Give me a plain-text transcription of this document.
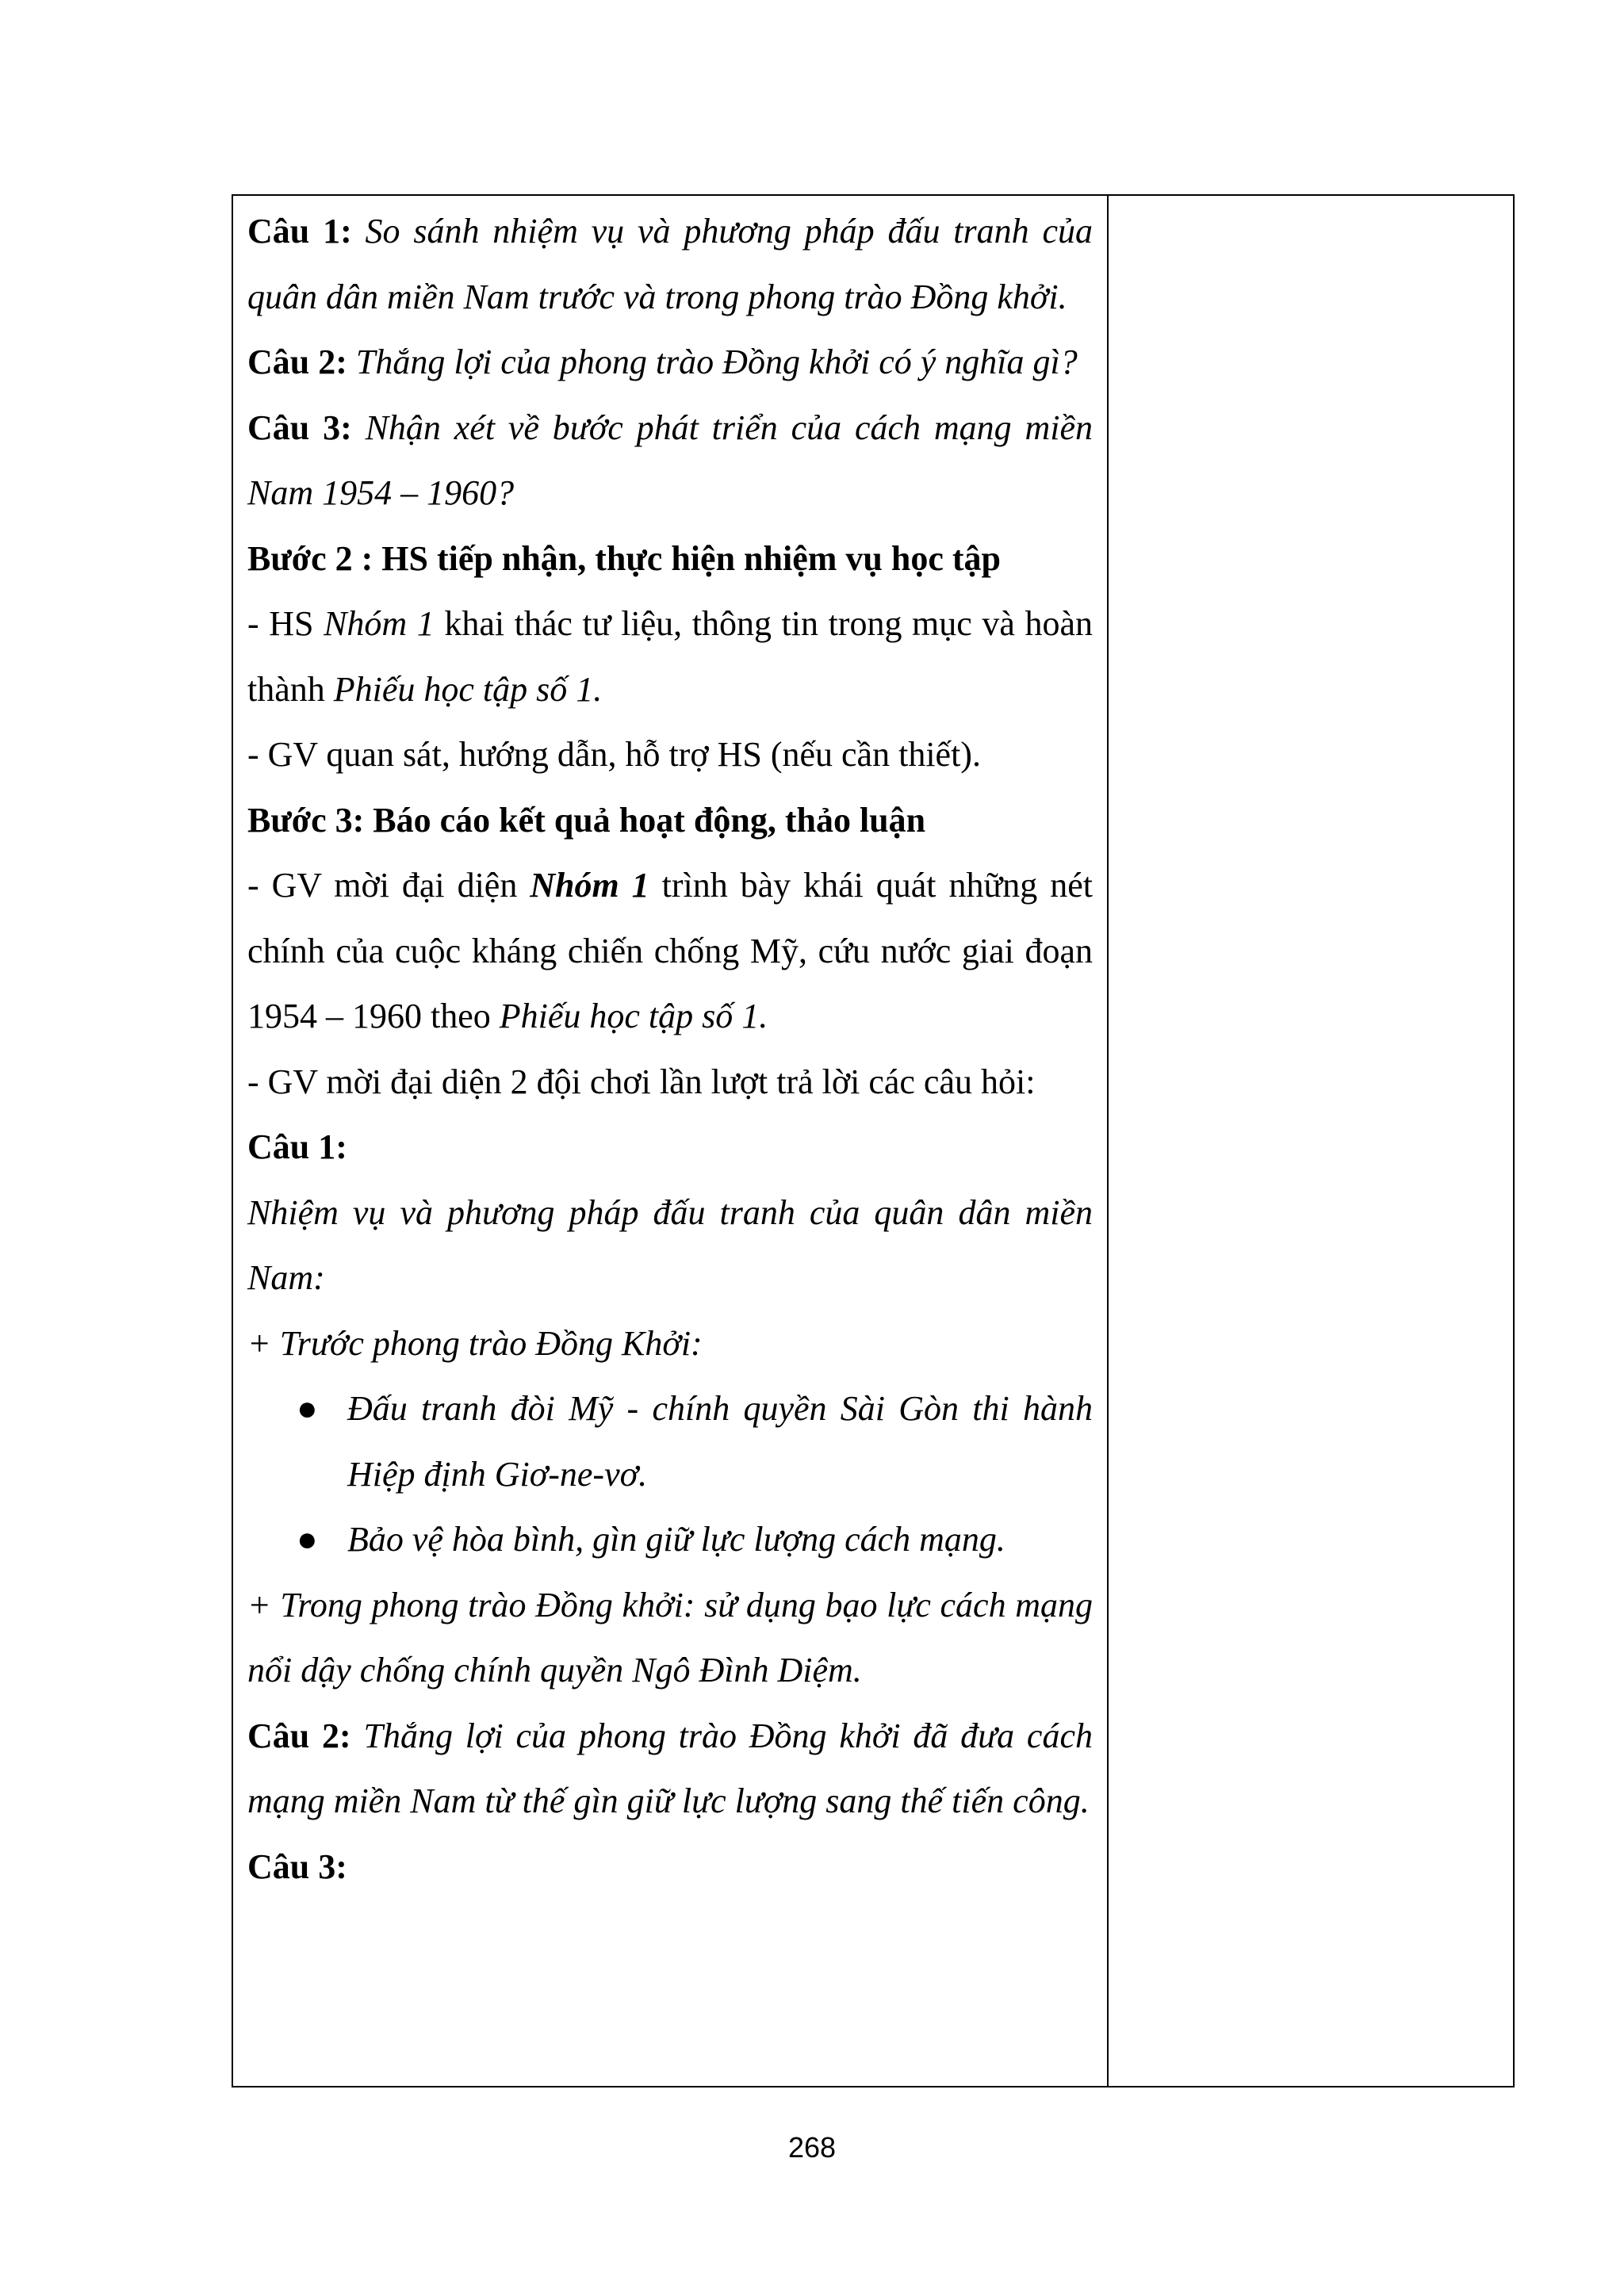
Câu 1: So sánh nhiệm vụ và phương pháp đấu tranh của quân dân miền Nam trước và trong phong trào Đồng khởi.

Câu 2: Thắng lợi của phong trào Đồng khởi có ý nghĩa gì?

Câu 3: Nhận xét về bước phát triển của cách mạng miền Nam 1954 – 1960?

Bước 2 : HS tiếp nhận, thực hiện nhiệm vụ học tập

- HS Nhóm 1 khai thác tư liệu, thông tin trong mục và hoàn thành Phiếu học tập số 1.

- GV quan sát, hướng dẫn, hỗ trợ HS (nếu cần thiết).

Bước 3: Báo cáo kết quả hoạt động, thảo luận

- GV mời đại diện Nhóm 1 trình bày khái quát những nét chính của cuộc kháng chiến chống Mỹ, cứu nước giai đoạn 1954 – 1960 theo Phiếu học tập số 1.

- GV mời đại diện 2 đội chơi lần lượt trả lời các câu hỏi:

Câu 1:

Nhiệm vụ và phương pháp đấu tranh của quân dân miền Nam:

+ Trước phong trào Đồng Khởi:

● Đấu tranh đòi Mỹ - chính quyền Sài Gòn thi hành Hiệp định Giơ-ne-vơ.
● Bảo vệ hòa bình, gìn giữ lực lượng cách mạng.

+ Trong phong trào Đồng khởi: sử dụng bạo lực cách mạng nổi dậy chống chính quyền Ngô Đình Diệm.

Câu 2: Thắng lợi của phong trào Đồng khởi đã đưa cách mạng miền Nam từ thế gìn giữ lực lượng sang thế tiến công.

Câu 3:

268
